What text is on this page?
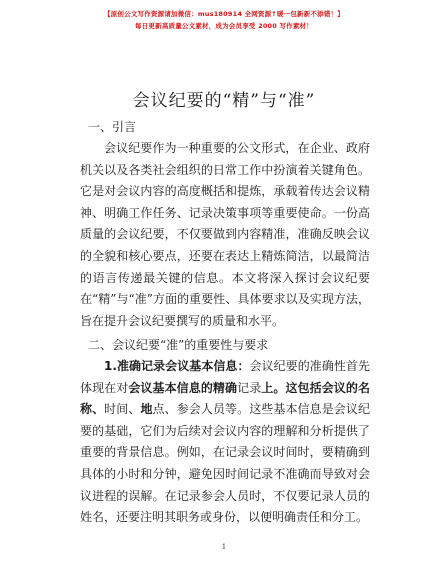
【原创公文写作资源请加微信：mus180914 全网资源↑暖一包新新不添错！】
每日更新高质量公文素材，成为会员享受 2000 写作素材！
会议纪要的“精”与“准”
一、引言

会议纪要作为一种重要的公文形式，在企业、政府机关以及各类社会组织的日常工作中扮演着关键角色。它是对会议内容的高度概括和提炼，承载着传达会议精神、明确工作任务、记录决策事项等重要使命。一份高质量的会议纪要，不仅要做到内容精准，准确反映会议的全貌和核心要点，还要在表达上精炼简洁，以最简洁的语言传递最关键的信息。本文将深入探讨会议纪要在“精”与“准”方面的重要性、具体要求以及实现方法，旨在提升会议纪要撰写的质量和水平。

二、会议纪要“准”的重要性与要求

1.准确记录会议基本信息：会议纪要的准确性首先体现在对会议基本信息的精确记录上。这包括会议的名称、时间、地点、参会人员等。这些基本信息是会议纪要的基础，它们为后续对会议内容的理解和分析提供了重要的背景信息。例如，在记录会议时间时，要精确到具体的小时和分钟，避免因时间记录不准确而导致对会议进程的误解。在记录参会人员时，不仅要记录人员的姓名，还要注明其职务或身份，以便明确责任和分工。

1
